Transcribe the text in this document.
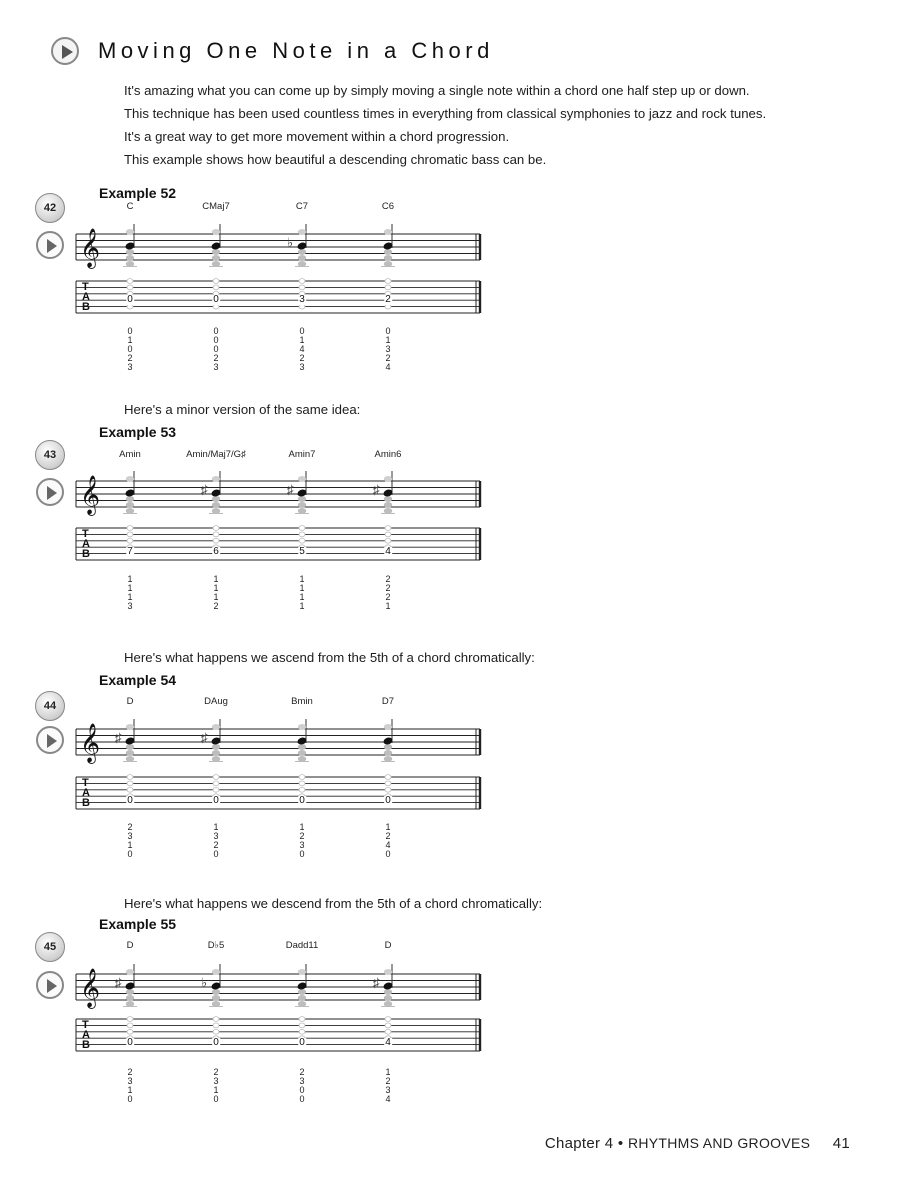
Moving One Note in a Chord
It's amazing what you can come up by simply moving a single note within a chord one half step up or down. This technique has been used countless times in everything from classical symphonies to jazz and rock tunes. It's a great way to get more movement within a chord progression.
This example shows how beautiful a descending chromatic bass can be.
Example 52
42
𝄞
T
A
B
C
0
0
1
0
2
3
CMaj7
0
0
0
0
2
3
C7
♭
3
0
1
4
2
3
C6
2
0
1
3
2
4
Here's a minor version of the same idea:
Example 53
43
𝄞
T
A
B
Amin
7
1
1
1
3
Amin/Maj7/G♯
♯
6
1
1
1
2
Amin7
♯
5
1
1
1
1
Amin6
♯
4
2
2
2
1
Here's what happens we ascend from the 5th of a chord chromatically:
Example 54
44
𝄞
T
A
B
D
♯
0
2
3
1
0
DAug
♯
0
1
3
2
0
Bmin
0
1
2
3
0
D7
0
1
2
4
0
Here's what happens we descend from the 5th of a chord chromatically:
Example 55
45
𝄞
T
A
B
D
♯
0
2
3
1
0
D♭5
♭
0
2
3
1
0
Dadd11
0
2
3
0
0
D
♯
4
1
2
3
4
Chapter 4 • RHYTHMS AND GROOVES 41
